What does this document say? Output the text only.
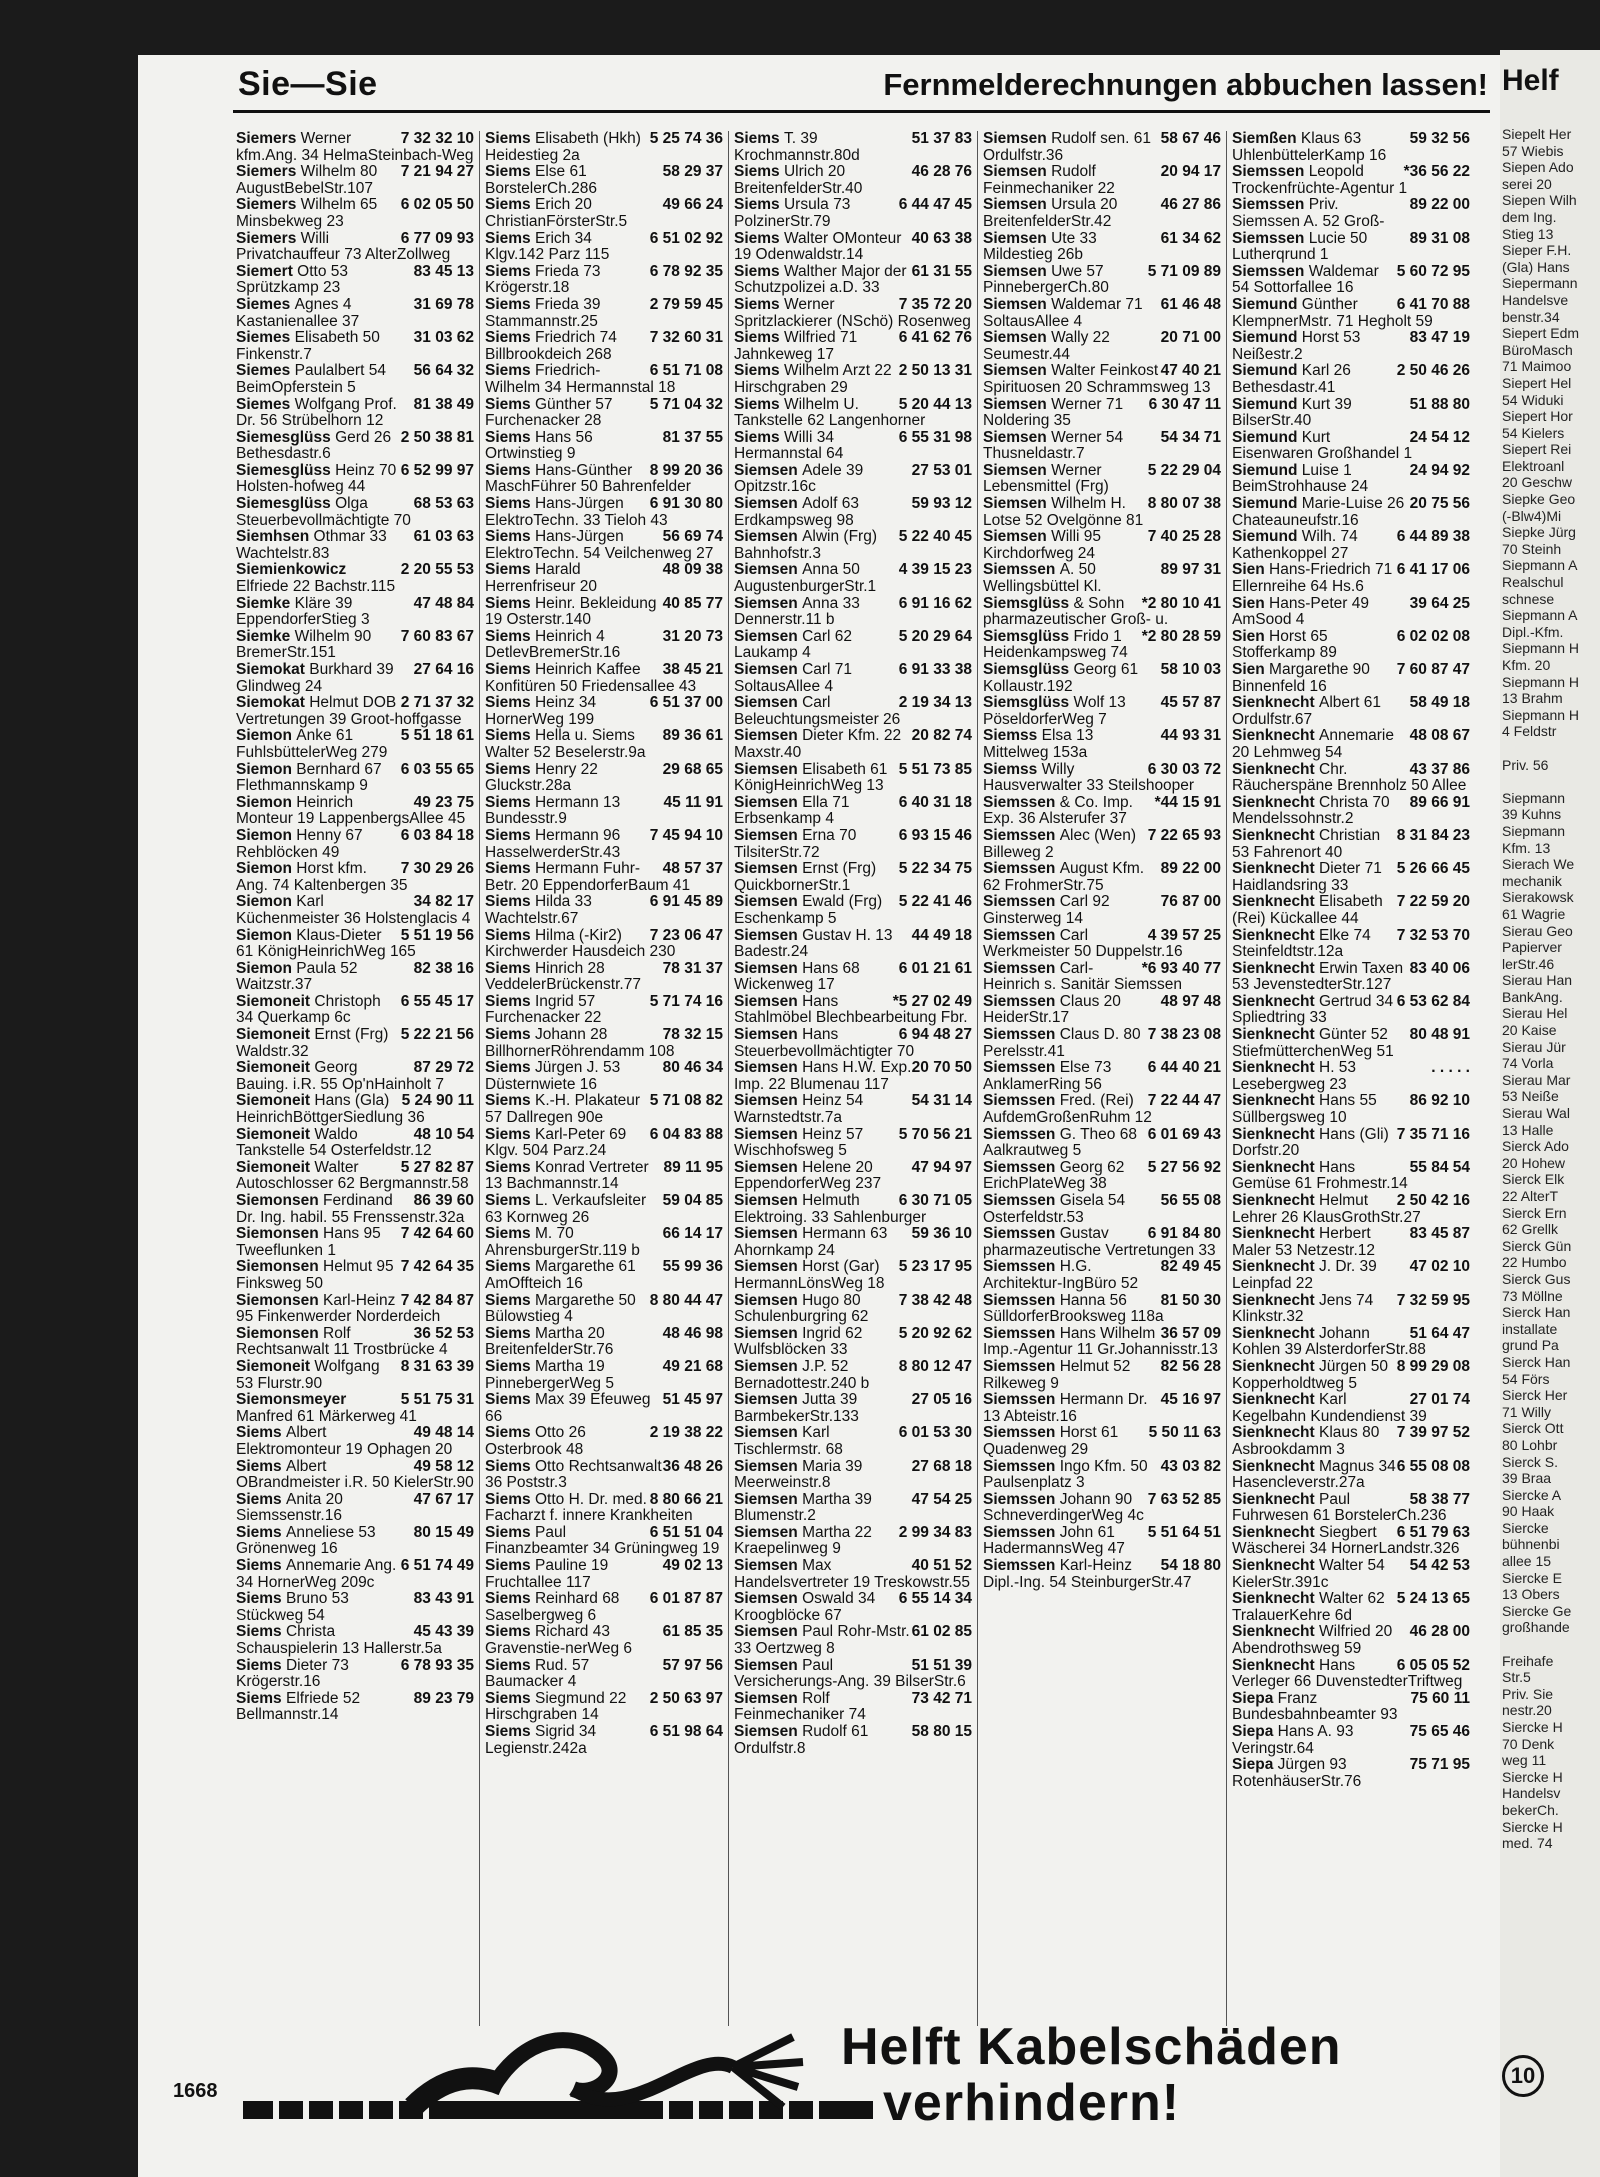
Sie—Sie	Fernmelderechnungen abbuchen lassen!
7 32 32 10
Siemers Werner kfm.Ang. 34 HelmaSteinbach-Weg
7 21 94 27
Siemers Wilhelm 80 AugustBebelStr.107
6 02 05 50
Siemers Wilhelm 65 Minsbekweg 23
6 77 09 93
Siemers Willi Privatchauffeur 73 AlterZollweg
83 45 13
Siemert Otto 53 Sprützkamp 23
31 69 78
Siemes Agnes 4 Kastanienallee 37
31 03 62
Siemes Elisabeth 50 Finkenstr.7
56 64 32
Siemes Paulalbert 54 BeimOpferstein 5
81 38 49
Siemes Wolfgang Prof. Dr. 56 Strübelhorn 12
2 50 38 81
Siemesglüss Gerd 26 Bethesdastr.6
6 52 99 97
Siemesglüss Heinz 70 Holsten-hofweg 44
68 53 63
Siemesglüss Olga Steuerbevollmächtigte 70
61 03 63
Siemhsen Othmar 33 Wachtelstr.83
2 20 55 53
Siemienkowicz Elfriede 22 Bachstr.115
47 48 84
Siemke Kläre 39 EppendorferStieg 3
7 60 83 67
Siemke Wilhelm 90 BremerStr.151
27 64 16
Siemokat Burkhard 39 Glindweg 24
2 71 37 32
Siemokat Helmut DOB Vertretungen 39 Groot-hoffgasse
5 51 18 61
Siemon Anke 61 FuhlsbüttelerWeg 279
6 03 55 65
Siemon Bernhard 67 Flethmannskamp 9
49 23 75
Siemon Heinrich Monteur 19 LappenbergsAllee 45
6 03 84 18
Siemon Henny 67 Rehblöcken 49
7 30 29 26
Siemon Horst kfm. Ang. 74 Kaltenbergen 35
34 82 17
Siemon Karl Küchenmeister 36 Holstenglacis 4
5 51 19 56
Siemon Klaus-Dieter 61 KönigHeinrichWeg 165
82 38 16
Siemon Paula 52 Waitzstr.37
6 55 45 17
Siemoneit Christoph 34 Querkamp 6c
5 22 21 56
Siemoneit Ernst (Frg) Waldstr.32
87 29 72
Siemoneit Georg Bauing. i.R. 55 Op'nHainholt 7
5 24 90 11
Siemoneit Hans (Gla) HeinrichBöttgerSiedlung 36
48 10 54
Siemoneit Waldo Tankstelle 54 Osterfeldstr.12
5 27 82 87
Siemoneit Walter Autoschlosser 62 Bergmannstr.58
86 39 60
Siemonsen Ferdinand Dr. Ing. habil. 55 Frenssenstr.32a
7 42 64 60
Siemonsen Hans 95 Tweeflunken 1
7 42 64 35
Siemonsen Helmut 95 Finksweg 50
7 42 84 87
Siemonsen Karl-Heinz 95 Finkenwerder Norderdeich
36 52 53
Siemonsen Rolf Rechtsanwalt 11 Trostbrücke 4
8 31 63 39
Siemoneit Wolfgang 53 Flurstr.90
5 51 75 31
Siemonsmeyer Manfred 61 Märkerweg 41
49 48 14
Siems Albert Elektromonteur 19 Ophagen 20
49 58 12
Siems Albert OBrandmeister i.R. 50 KielerStr.90
47 67 17
Siems Anita 20 Siemssenstr.16
80 15 49
Siems Anneliese 53 Grönenweg 16
6 51 74 49
Siems Annemarie Ang. 34 HornerWeg 209c
83 43 91
Siems Bruno 53 Stückweg 54
45 43 39
Siems Christa Schauspielerin 13 Hallerstr.5a
6 78 93 35
Siems Dieter 73 Krögerstr.16
89 23 79
Siems Elfriede 52 Bellmannstr.14
5 25 74 36
Siems Elisabeth (Hkh) Heidestieg 2a
58 29 37
Siems Else 61 BorstelerCh.286
49 66 24
Siems Erich 20 ChristianFörsterStr.5
6 51 02 92
Siems Erich 34 Klgv.142 Parz 115
6 78 92 35
Siems Frieda 73 Krögerstr.18
2 79 59 45
Siems Frieda 39 Stammannstr.25
7 32 60 31
Siems Friedrich 74 Billbrookdeich 268
6 51 71 08
Siems Friedrich-Wilhelm 34 Hermannstal 18
5 71 04 32
Siems Günther 57 Furchenacker 28
81 37 55
Siems Hans 56 Ortwinstieg 9
8 99 20 36
Siems Hans-Günther MaschFührer 50 Bahrenfelder
6 91 30 80
Siems Hans-Jürgen ElektroTechn. 33 Tieloh 43
56 69 74
Siems Hans-Jürgen ElektroTechn. 54 Veilchenweg 27
48 09 38
Siems Harald Herrenfriseur 20
40 85 77
Siems Heinr. Bekleidung 19 Osterstr.140
31 20 73
Siems Heinrich 4 DetlevBremerStr.16
38 45 21
Siems Heinrich Kaffee Konfitüren 50 Friedensallee 43
6 51 37 00
Siems Heinz 34 HornerWeg 199
89 36 61
Siems Hella u. Siems Walter 52 Beselerstr.9a
29 68 65
Siems Henry 22 Gluckstr.28a
45 11 91
Siems Hermann 13 Bundesstr.9
7 45 94 10
Siems Hermann 96 HasselwerderStr.43
48 57 37
Siems Hermann Fuhr-Betr. 20 EppendorferBaum 41
6 91 45 89
Siems Hilda 33 Wachtelstr.67
7 23 06 47
Siems Hilma (-Kir2) Kirchwerder Hausdeich 230
78 31 37
Siems Hinrich 28 VeddelerBrückenstr.77
5 71 74 16
Siems Ingrid 57 Furchenacker 22
78 32 15
Siems Johann 28 BillhornerRöhrendamm 108
80 46 34
Siems Jürgen J. 53 Düsternwiete 16
5 71 08 82
Siems K.-H. Plakateur 57 Dallregen 90e
6 04 83 88
Siems Karl-Peter 69 Klgv. 504 Parz.24
89 11 95
Siems Konrad Vertreter 13 Bachmannstr.14
59 04 85
Siems L. Verkaufsleiter 63 Kornweg 26
66 14 17
Siems M. 70 AhrensburgerStr.119 b
55 99 36
Siems Margarethe 61 AmOffteich 16
8 80 44 47
Siems Margarethe 50 Bülowstieg 4
48 46 98
Siems Martha 20 BreitenfelderStr.76
49 21 68
Siems Martha 19 PinnebergerWeg 5
51 45 97
Siems Max 39 Efeuweg 66
2 19 38 22
Siems Otto 26 Osterbrook 48
36 48 26
Siems Otto Rechtsanwalt 36 Poststr.3
8 80 66 21
Siems Otto H. Dr. med. Facharzt f. innere Krankheiten
6 51 51 04
Siems Paul Finanzbeamter 34 Grüningweg 19
49 02 13
Siems Pauline 19 Fruchtallee 117
6 01 87 87
Siems Reinhard 68 Saselbergweg 6
61 85 35
Siems Richard 43 Gravenstie-nerWeg 6
57 97 56
Siems Rud. 57 Baumacker 4
2 50 63 97
Siems Siegmund 22 Hirschgraben 14
6 51 98 64
Siems Sigrid 34 Legienstr.242a
51 37 83
Siems T. 39 Krochmannstr.80d
46 28 76
Siems Ulrich 20 BreitenfelderStr.40
6 44 47 45
Siems Ursula 73 PolzinerStr.79
40 63 38
Siems Walter OMonteur 19 Odenwaldstr.14
61 31 55
Siems Walther Major der Schutzpolizei a.D. 33
7 35 72 20
Siems Werner Spritzlackierer (NSchö) Rosenweg
6 41 62 76
Siems Wilfried 71 Jahnkeweg 17
2 50 13 31
Siems Wilhelm Arzt 22 Hirschgraben 29
5 20 44 13
Siems Wilhelm U. Tankstelle 62 Langenhorner
6 55 31 98
Siems Willi 34 Hermannstal 64
27 53 01
Siemsen Adele 39 Opitzstr.16c
59 93 12
Siemsen Adolf 63 Erdkampsweg 98
5 22 40 45
Siemsen Alwin (Frg) Bahnhofstr.3
4 39 15 23
Siemsen Anna 50 AugustenburgerStr.1
6 91 16 62
Siemsen Anna 33 Dennerstr.11 b
5 20 29 64
Siemsen Carl 62 Laukamp 4
6 91 33 38
Siemsen Carl 71 SoltausAllee 4
2 19 34 13
Siemsen Carl Beleuchtungsmeister 26
20 82 74
Siemsen Dieter Kfm. 22 Maxstr.40
5 51 73 85
Siemsen Elisabeth 61 KönigHeinrichWeg 13
6 40 31 18
Siemsen Ella 71 Erbsenkamp 4
6 93 15 46
Siemsen Erna 70 TilsiterStr.72
5 22 34 75
Siemsen Ernst (Frg) QuickbornerStr.1
5 22 41 46
Siemsen Ewald (Frg) Eschenkamp 5
44 49 18
Siemsen Gustav H. 13 Badestr.24
6 01 21 61
Siemsen Hans 68 Wickenweg 17
*5 27 02 49
Siemsen Hans Stahlmöbel Blechbearbeitung Fbr.
6 94 48 27
Siemsen Hans Steuerbevollmächtigter 70
20 70 50
Siemsen Hans H.W. Exp. Imp. 22 Blumenau 117
54 31 14
Siemsen Heinz 54 Warnstedtstr.7a
5 70 56 21
Siemsen Heinz 57 Wischhofsweg 5
47 94 97
Siemsen Helene 20 EppendorferWeg 237
6 30 71 05
Siemsen Helmuth Elektroing. 33 Sahlenburger
59 36 10
Siemsen Hermann 63 Ahornkamp 24
5 23 17 95
Siemsen Horst (Gar) HermannLönsWeg 18
7 38 42 48
Siemsen Hugo 80 Schulenburgring 62
5 20 92 62
Siemsen Ingrid 62 Wulfsblöcken 33
8 80 12 47
Siemsen J.P. 52 Bernadottestr.240 b
27 05 16
Siemsen Jutta 39 BarmbekerStr.133
6 01 53 30
Siemsen Karl Tischlermstr. 68
27 68 18
Siemsen Maria 39 Meerweinstr.8
47 54 25
Siemsen Martha 39 Blumenstr.2
2 99 34 83
Siemsen Martha 22 Kraepelinweg 9
40 51 52
Siemsen Max Handelsvertreter 19 Treskowstr.55
6 55 14 34
Siemsen Oswald 34 Kroogblöcke 67
61 02 85
Siemsen Paul Rohr-Mstr. 33 Oertzweg 8
51 51 39
Siemsen Paul Versicherungs-Ang. 39 BilserStr.6
73 42 71
Siemsen Rolf Feinmechaniker 74
58 80 15
Siemsen Rudolf 61 Ordulfstr.8
58 67 46
Siemsen Rudolf sen. 61 Ordulfstr.36
20 94 17
Siemsen Rudolf Feinmechaniker 22
46 27 86
Siemsen Ursula 20 BreitenfelderStr.42
61 34 62
Siemsen Ute 33 Mildestieg 26b
5 71 09 89
Siemsen Uwe 57 PinnebergerCh.80
61 46 48
Siemsen Waldemar 71 SoltausAllee 4
20 71 00
Siemsen Wally 22 Seumestr.44
47 40 21
Siemsen Walter Feinkost Spirituosen 20 Schrammsweg 13
6 30 47 11
Siemsen Werner 71 Noldering 35
54 34 71
Siemsen Werner 54 Thusneldastr.7
5 22 29 04
Siemsen Werner Lebensmittel (Frg)
8 80 07 38
Siemsen Wilhelm H. Lotse 52 Ovelgönne 81
7 40 25 28
Siemsen Willi 95 Kirchdorfweg 24
89 97 31
Siemssen Ä. 50 Wellingsbüttel Kl.
*2 80 10 41
Siemsglüss & Sohn pharmazeutischer Groß- u.
*2 80 28 59
Siemsglüss Frido 1 Heidenkampsweg 74
58 10 03
Siemsglüss Georg 61 Kollaustr.192
45 57 87
Siemsglüss Wolf 13 PöseldorferWeg 7
44 93 31
Siemss Elsa 13 Mittelweg 153a
6 30 03 72
Siemss Willy Hausverwalter 33 Steilshooper
*44 15 91
Siemssen & Co. Imp. Exp. 36 Alsterufer 37
7 22 65 93
Siemssen Alec (Wen) Billeweg 2
89 22 00
Siemssen August Kfm. 62 FrohmerStr.75
76 87 00
Siemssen Carl 92 Ginsterweg 14
4 39 57 25
Siemssen Carl Werkmeister 50 Duppelstr.16
*6 93 40 77
Siemssen Carl-Heinrich s. Sanitär Siemssen
48 97 48
Siemssen Claus 20 HeiderStr.17
7 38 23 08
Siemssen Claus D. 80 Perelsstr.41
6 44 40 21
Siemssen Else 73 AnklamerRing 56
7 22 44 47
Siemssen Fred. (Rei) AufdemGroßenRuhm 12
6 01 69 43
Siemssen G. Theo 68 Aalkrautweg 5
5 27 56 92
Siemssen Georg 62 ErichPlateWeg 38
56 55 08
Siemssen Gisela 54 Osterfeldstr.53
6 91 84 80
Siemssen Gustav pharmazeutische Vertretungen 33
82 49 45
Siemssen H.G. Architektur-IngBüro 52
81 50 30
Siemssen Hanna 56 SülldorferBrooksweg 118a
36 57 09
Siemssen Hans Wilhelm Imp.-Agentur 11 Gr.Johannisstr.13
82 56 28
Siemssen Helmut 52 Rilkeweg 9
45 16 97
Siemssen Hermann Dr. 13 Abteistr.16
5 50 11 63
Siemssen Horst 61 Quadenweg 29
43 03 82
Siemssen Ingo Kfm. 50 Paulsenplatz 3
7 63 52 85
Siemssen Johann 90 SchneverdingerWeg 4c
5 51 64 51
Siemssen John 61 HadermannsWeg 47
54 18 80
Siemssen Karl-Heinz Dipl.-Ing. 54 SteinburgerStr.47
59 32 56
Siemßen Klaus 63 UhlenbüttelerKamp 16
*36 56 22
Siemssen Leopold Trockenfrüchte-Agentur 1
89 22 00
Siemssen Priv. Siemssen A. 52 Groß-
89 31 08
Siemssen Lucie 50 Lutherqrund 1
5 60 72 95
Siemssen Waldemar 54 Sottorfallee 16
6 41 70 88
Siemund Günther KlempnerMstr. 71 Hegholt 59
83 47 19
Siemund Horst 53 Neißestr.2
2 50 46 26
Siemund Karl 26 Bethesdastr.41
51 88 80
Siemund Kurt 39 BilserStr.40
24 54 12
Siemund Kurt Eisenwaren Großhandel 1
24 94 92
Siemund Luise 1 BeimStrohhause 24
20 75 56
Siemund Marie-Luise 26 Chateauneufstr.16
6 44 89 38
Siemund Wilh. 74 Kathenkoppel 27
6 41 17 06
Sien Hans-Friedrich 71 Ellernreihe 64 Hs.6
39 64 25
Sien Hans-Peter 49 AmSood 4
6 02 02 08
Sien Horst 65 Stofferkamp 89
7 60 87 47
Sien Margarethe 90 Binnenfeld 16
58 49 18
Sienknecht Albert 61 Ordulfstr.67
48 08 67
Sienknecht Annemarie 20 Lehmweg 54
43 37 86
Sienknecht Chr. Räucherspäne Brennholz 50 Allee
89 66 91
Sienknecht Christa 70 Mendelssohnstr.2
8 31 84 23
Sienknecht Christian 53 Fahrenort 40
5 26 66 45
Sienknecht Dieter 71 Haidlandsring 33
7 22 59 20
Sienknecht Elisabeth (Rei) Kückallee 44
7 32 53 70
Sienknecht Elke 74 Steinfeldtstr.12a
83 40 06
Sienknecht Erwin Taxen 53 JevenstedterStr.127
6 53 62 84
Sienknecht Gertrud 34 Spliedtring 33
80 48 91
Sienknecht Günter 52 StiefmütterchenWeg 51
. . . . .
Sienknecht H. 53 Lesebergweg 23
86 92 10
Sienknecht Hans 55 Süllbergsweg 10
7 35 71 16
Sienknecht Hans (Gli) Dorfstr.20
55 84 54
Sienknecht Hans Gemüse 61 Frohmestr.14
2 50 42 16
Sienknecht Helmut Lehrer 26 KlausGrothStr.27
83 45 87
Sienknecht Herbert Maler 53 Netzestr.12
47 02 10
Sienknecht J. Dr. 39 Leinpfad 22
7 32 59 95
Sienknecht Jens 74 Klinkstr.32
51 64 47
Sienknecht Johann Kohlen 39 AlsterdorferStr.88
8 99 29 08
Sienknecht Jürgen 50 Kopperholdtweg 5
27 01 74
Sienknecht Karl Kegelbahn Kundendienst 39
7 39 97 52
Sienknecht Klaus 80 Asbrookdamm 3
6 55 08 08
Sienknecht Magnus 34 Hasencleverstr.27a
58 38 77
Sienknecht Paul Fuhrwesen 61 BorstelerCh.236
6 51 79 63
Sienknecht Siegbert Wäscherei 34 HornerLandstr.326
54 42 53
Sienknecht Walter 54 KielerStr.391c
5 24 13 65
Sienknecht Walter 62 TralauerKehre 6d
46 28 00
Sienknecht Wilfried 20 Abendrothsweg 59
6 05 05 52
Sienknecht Hans Verleger 66 DuvenstedterTriftweg
75 60 11
Siepa Franz Bundesbahnbeamter 93
75 65 46
Siepa Hans A. 93 Veringstr.64
75 71 95
Siepa Jürgen 93 RotenhäuserStr.76
Helft Kabelschäden
verhindern!
1668
Helf
Siepelt Her
57 Wiebis
Siepen Ado
serei 20
Siepen Wilh
dem Ing.
Stieg 13
Sieper F.H.
(Gla) Hans
Siepermann
Handelsve
benstr.34
Siepert Edm
BüroMasch
71 Maimoo
Siepert Hel
54 Widuki
Siepert Hor
54 Kielers
Siepert Rei
Elektroanl
20 Geschw
Siepke Geo
(-Blw4)Mi
Siepke Jürg
70 Steinh
Siepmann A
Realschul
schnese
Siepmann A
Dipl.-Kfm.
Siepmann H
Kfm. 20
Siepmann H
13 Brahm
Siepmann H
4 Feldstr

Priv. 56

Siepmann
39 Kuhns
Siepmann
Kfm. 13
Sierach We
mechanik
Sierakowsk
61 Wagrie
Sierau Geo
Papierver
lerStr.46
Sierau Han
BankAng.
Sierau Hel
20 Kaise
Sierau Jür
74 Vorla
Sierau Mar
53 Neiße
Sierau Wal
13 Halle
Sierck Ado
20 Hohew
Sierck Elk
22 AlterT
Sierck Ern
62 Grellk
Sierck Gün
22 Humbo
Sierck Gus
73 Möllne
Sierck Han
installate
grund Pa
Sierck Han
54 Förs
Sierck Her
71 Willy
Sierck Ott
80 Lohbr
Sierck S.
39 Braa
Siercke A
90 Haak
Siercke
bühnenbi
allee 15
Siercke E
13 Obers
Siercke Ge
großhande

Freihafe
Str.5
Priv. Sie
nestr.20
Siercke H
70 Denk
weg 11
Siercke H
Handelsv
bekerCh.
Siercke H
med. 74
10
